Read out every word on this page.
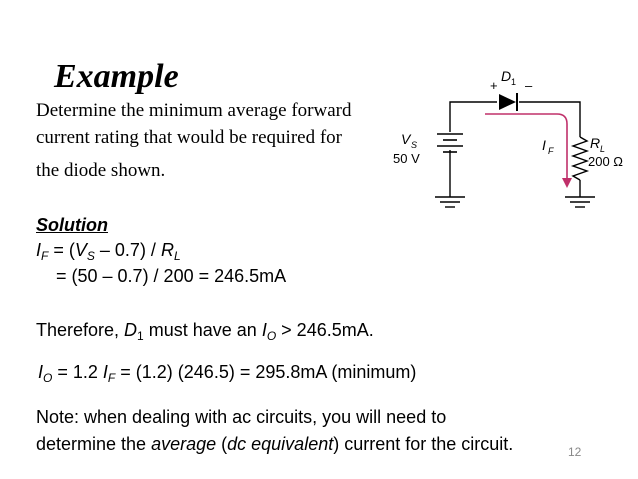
Example
Determine the minimum average forward
current rating that would be required for
the diode shown.
+ –
D 1
V S
50 V
I F	R L
200 Ω
Solution
$I_F = (V_S - 0.7) / R_L$
= (50 – 0.7) / 200 = 246.5mA
Therefore, $D_1$ must have an $I_O > 246.5mA$.
$I_O = 1.2$ $I_F = (1.2) (246.5) = 295.8mA$ (minimum)
Note: when dealing with ac circuits, you will need to
determine the average (dc equivalent) current for the circuit.	12
